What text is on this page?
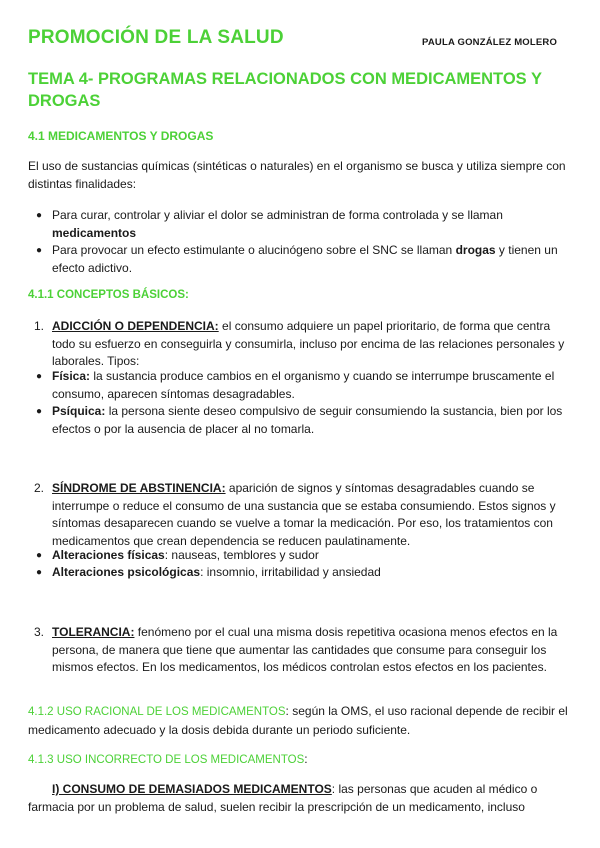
PROMOCIÓN DE LA SALUD	PAULA GONZÁLEZ MOLERO
TEMA 4- PROGRAMAS RELACIONADOS CON MEDICAMENTOS Y DROGAS
4.1 MEDICAMENTOS Y DROGAS
El uso de sustancias químicas (sintéticas o naturales) en el organismo se busca y utiliza siempre con distintas finalidades:
● Para curar, controlar y aliviar el dolor se administran de forma controlada y se llaman medicamentos
● Para provocar un efecto estimulante o alucinógeno sobre el SNC se llaman drogas y tienen un efecto adictivo.
4.1.1 CONCEPTOS BÁSICOS:
1. ADICCIÓN O DEPENDENCIA: el consumo adquiere un papel prioritario, de forma que centra todo su esfuerzo en conseguirla y consumirla, incluso por encima de las relaciones personales y laborales. Tipos:
● Física: la sustancia produce cambios en el organismo y cuando se interrumpe bruscamente el consumo, aparecen síntomas desagradables.
● Psíquica: la persona siente deseo compulsivo de seguir consumiendo la sustancia, bien por los efectos o por la ausencia de placer al no tomarla.
2. SÍNDROME DE ABSTINENCIA: aparición de signos y síntomas desagradables cuando se interrumpe o reduce el consumo de una sustancia que se estaba consumiendo. Estos signos y síntomas desaparecen cuando se vuelve a tomar la medicación. Por eso, los tratamientos con medicamentos que crean dependencia se reducen paulatinamente.
● Alteraciones físicas: nauseas, temblores y sudor
● Alteraciones psicológicas: insomnio, irritabilidad y ansiedad
3. TOLERANCIA: fenómeno por el cual una misma dosis repetitiva ocasiona menos efectos en la persona, de manera que tiene que aumentar las cantidades que consume para conseguir los mismos efectos. En los medicamentos, los médicos controlan estos efectos en los pacientes.
4.1.2 USO RACIONAL DE LOS MEDICAMENTOS: según la OMS, el uso racional depende de recibir el medicamento adecuado y la dosis debida durante un periodo suficiente.
4.1.3 USO INCORRECTO DE LOS MEDICAMENTOS:
I) CONSUMO DE DEMASIADOS MEDICAMENTOS: las personas que acuden al médico o farmacia por un problema de salud, suelen recibir la prescripción de un medicamento, incluso
